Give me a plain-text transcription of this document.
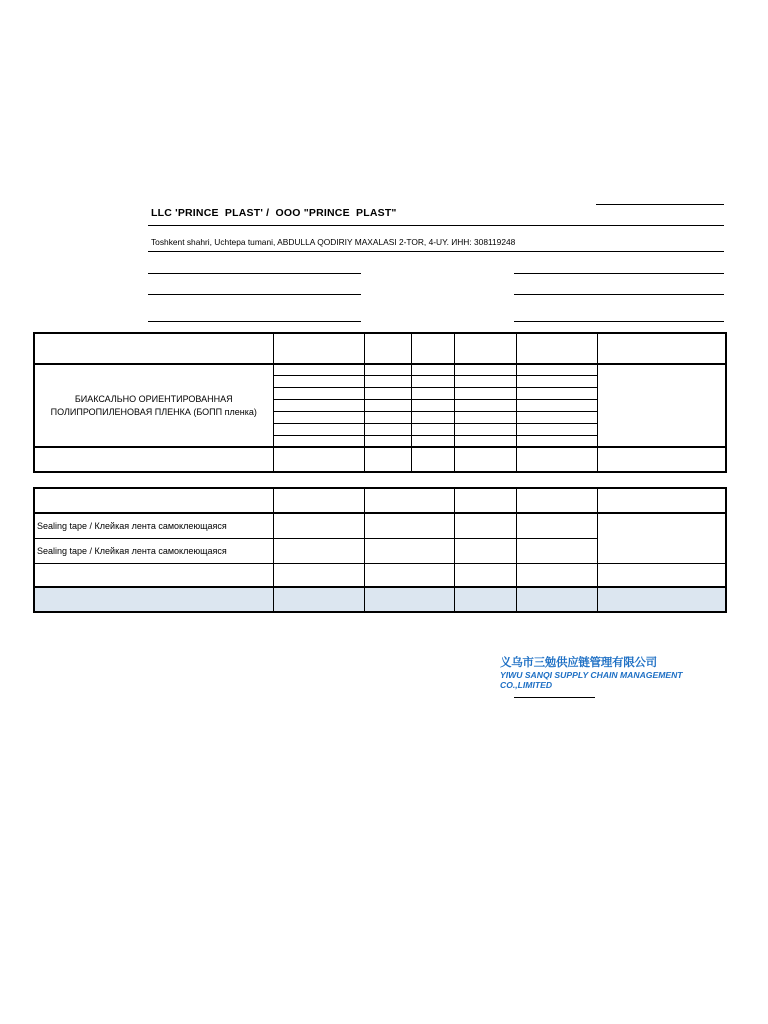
LLC 'PRINCE  PLAST' /  OOO "PRINCE  PLAST"
Toshkent shahri, Uchtepa tumani, ABDULLA QODIRIY MAXALASI 2-TOR, 4-UY. ИНН: 308119248

БИАКСАЛЬНО ОРИЕНТИРОВАННАЯ ПОЛИПРОПИЛЕНОВАЯ ПЛЕНКА (БОПП пленка)						

Sealing tape / Клейкая лента самоклеющаяся					
Sealing tape / Клейкая лента самоклеющаяся					

义乌市三勉供应链管理有限公司
YIWU SANQI SUPPLY CHAIN MANAGEMENT
CO.,LIMITED
